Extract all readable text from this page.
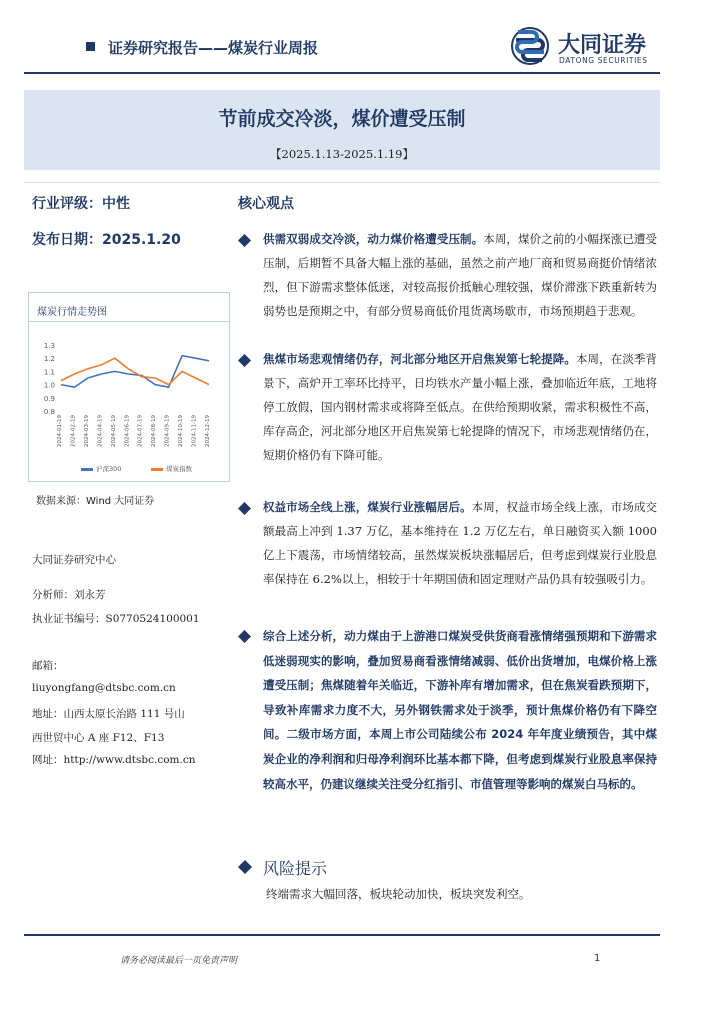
证券研究报告——煤炭行业周报	大同证券
DATONG SECURITIES
节前成交冷淡，煤价遭受压制
【2025.1.13-2025.1.19】
行业评级：中性
发布日期：2025.1.20
煤炭行情走势图
1.3
1.2
1.1
1.0
0.9
0.8
2024-01-19 2024-02-19 2024-03-19 2024-04-19 2024-05-19 2024-06-19 2024-07-19 2024-08-19 2024-09-19 2024-10-19 2024-11-19 2024-12-19
沪深300	煤炭指数
数据来源：Wind 大同证券
大同证券研究中心
分析师：刘永芳
执业证书编号：S0770524100001
邮箱：
liuyongfang@dtsbc.com.cn
地址：山西太原长治路 111 号山
西世贸中心 A 座 F12、F13
网址：http://www.dtsbc.com.cn
核心观点
供需双弱成交冷淡，动力煤价格遭受压制。本周，煤价之前的小幅探涨已遭受压制，后期暂不具备大幅上涨的基础，虽然之前产地厂商和贸易商挺价情绪浓烈，但下游需求整体低迷，对较高报价抵触心理较强，煤价滞涨下跌重新转为弱势也是预期之中，有部分贸易商低价甩货离场歇市，市场预期趋于悲观。
焦煤市场悲观情绪仍存，河北部分地区开启焦炭第七轮提降。本周，在淡季背景下，高炉开工率环比持平，日均铁水产量小幅上涨，叠加临近年底，工地将停工放假，国内钢材需求或将降至低点。在供给预期收紧，需求积极性不高，库存高企，河北部分地区开启焦炭第七轮提降的情况下，市场悲观情绪仍在，短期价格仍有下降可能。
权益市场全线上涨，煤炭行业涨幅居后。本周，权益市场全线上涨，市场成交额最高上冲到 1.37 万亿，基本维持在 1.2 万亿左右，单日融资买入额 1000 亿上下震荡，市场情绪较高，虽然煤炭板块涨幅居后，但考虑到煤炭行业股息率保持在 6.2%以上，相较于十年期国债和固定理财产品仍具有较强吸引力。
综合上述分析，动力煤由于上游港口煤炭受供货商看涨情绪强预期和下游需求低迷弱现实的影响，叠加贸易商看涨情绪减弱、低价出货增加，电煤价格上涨遭受压制；焦煤随着年关临近，下游补库有增加需求，但在焦炭看跌预期下，导致补库需求力度不大，另外钢铁需求处于淡季，预计焦煤价格仍有下降空间。二级市场方面，本周上市公司陆续公布 2024 年年度业绩预告，其中煤炭企业的净利润和归母净利润环比基本都下降，但考虑到煤炭行业股息率保持较高水平，仍建议继续关注受分红指引、市值管理等影响的煤炭白马标的。
风险提示
终端需求大幅回落，板块轮动加快，板块突发利空。
请务必阅读最后一页免责声明	1
